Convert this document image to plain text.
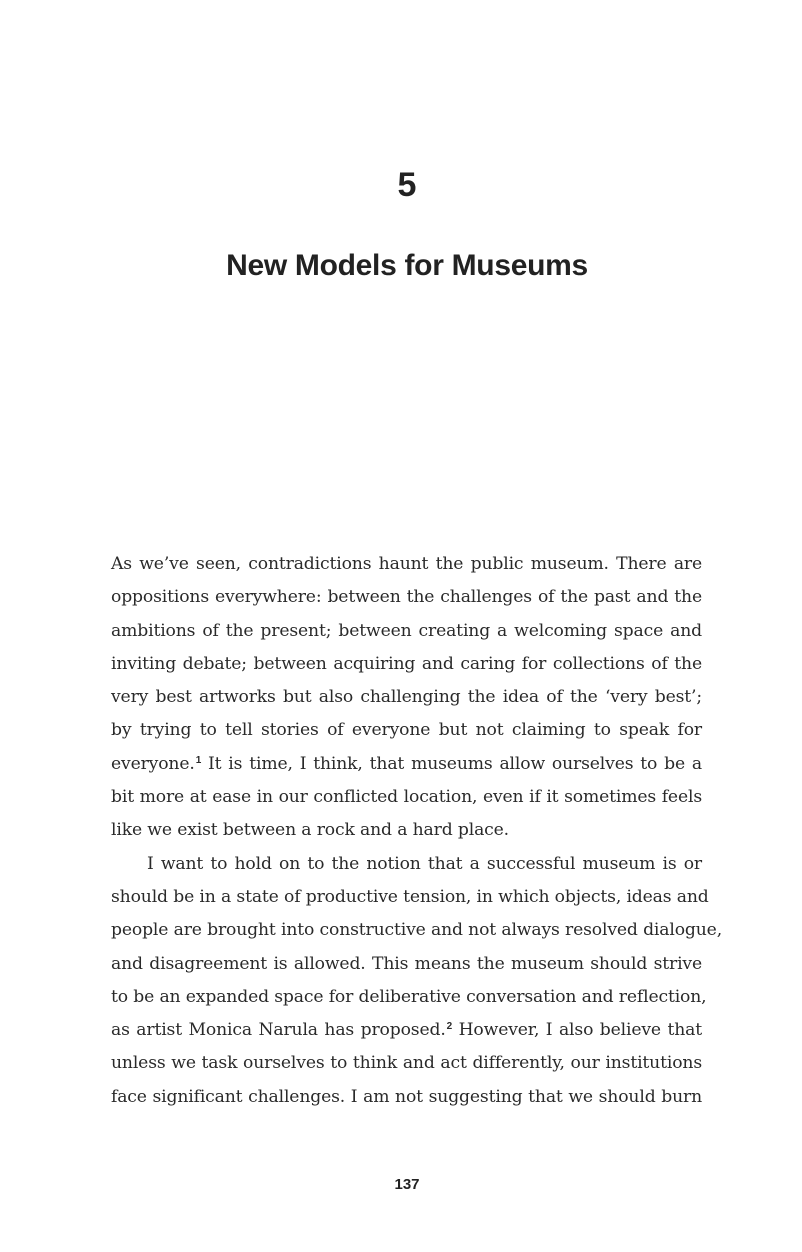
5
New Models for Museums
As we’ve seen, contradictions haunt the public museum. There are
oppositions everywhere: between the challenges of the past and the
ambitions of the present; between creating a welcoming space and
inviting debate; between acquiring and caring for collections of the
very best artworks but also challenging the idea of the ‘very best’;
by trying to tell stories of everyone but not claiming to speak for
everyone.$^1$ It is time, I think, that museums allow ourselves to be a
bit more at ease in our conflicted location, even if it sometimes feels
like we exist between a rock and a hard place.
I want to hold on to the notion that a successful museum is or
should be in a state of productive tension, in which objects, ideas and
people are brought into constructive and not always resolved dialogue,
and disagreement is allowed. This means the museum should strive
to be an expanded space for deliberative conversation and reflection,
as artist Monica Narula has proposed.$^2$ However, I also believe that
unless we task ourselves to think and act differently, our institutions
face significant challenges. I am not suggesting that we should burn
137
